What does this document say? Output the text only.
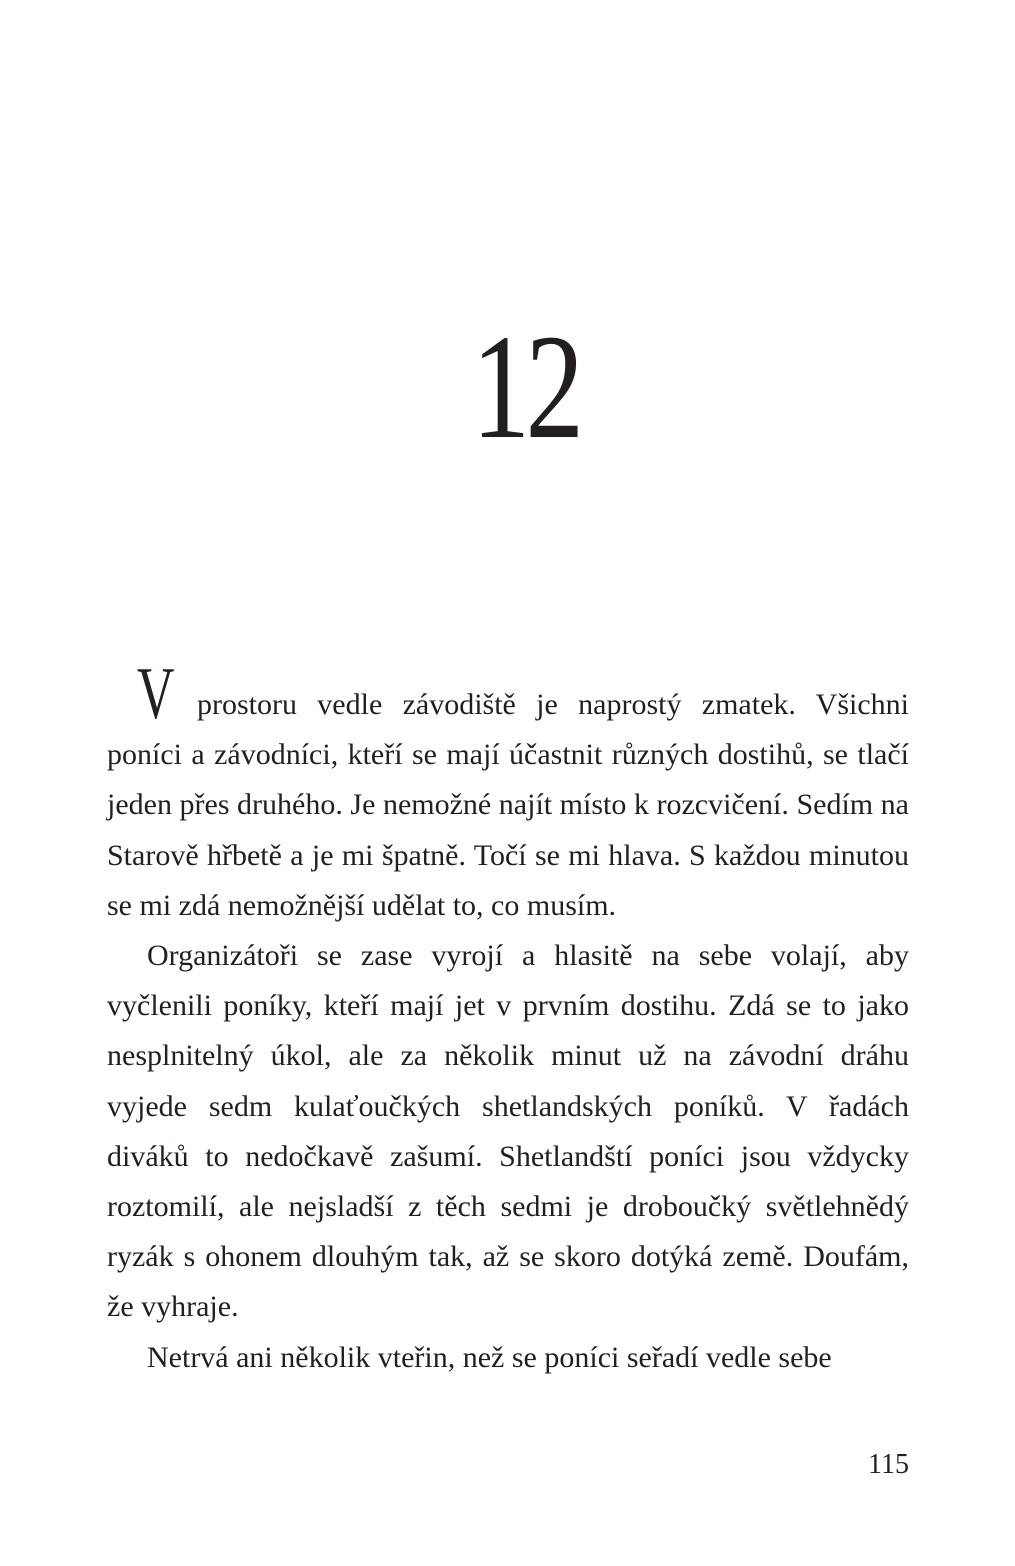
12

Vprostoru vedle závodiště je naprostý zmatek. Všichni poníci a závodníci, kteří se mají účastnit různých dostihů, se tlačí jeden přes druhého. Je nemožné najít místo k rozcvičení. Sedím na Starově hřbetě a je mi špatně. Točí se mi hlava. S každou minutou se mi zdá nemožnější udělat to, co musím.

Organizátoři se zase vyrojí a hlasitě na sebe volají, aby vyčlenili poníky, kteří mají jet v prvním dostihu. Zdá se to jako nesplnitelný úkol, ale za několik minut už na závodní dráhu vyjede sedm kulaťoučkých shetlandských poníků. V řadách diváků to nedočkavě zašumí. Shetlandští poníci jsou vždycky roztomilí, ale nejsladší z těch sedmi je droboučký světlehnědý ryzák s ohonem dlouhým tak, až se skoro dotýká země. Doufám, že vyhraje.

Netrvá ani několik vteřin, než se poníci seřadí vedle sebe

115
